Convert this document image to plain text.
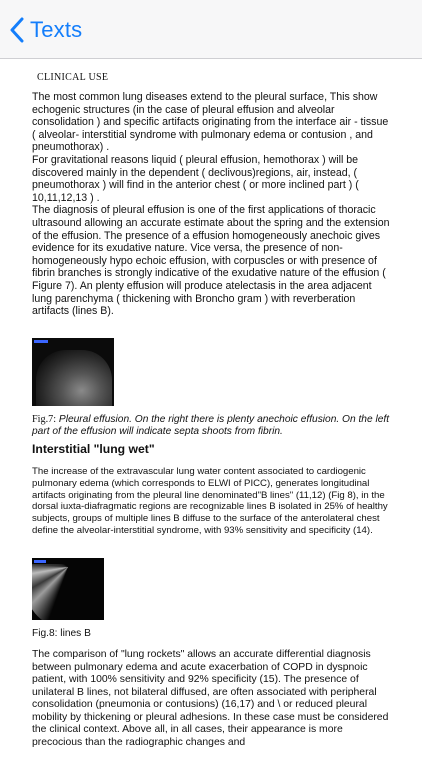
Texts
CLINICAL USE

The most common lung diseases extend to the pleural surface, This show echogenic structures (in the case of pleural effusion and alveolar consolidation ) and specific artifacts originating from the interface air - tissue ( alveolar- interstitial syndrome with pulmonary edema or contusion , and pneumothorax) .

For gravitational reasons liquid ( pleural effusion, hemothorax ) will be discovered mainly in the dependent ( declivous)regions, air, instead, ( pneumothorax ) will find in the anterior chest ( or more inclined part ) ( 10,11,12,13 ) .

The diagnosis of pleural effusion is one of the first applications of thoracic ultrasound allowing an accurate estimate about the spring and the extension of the effusion. The presence of a effusion homogeneously anechoic gives evidence for its exudative nature. Vice versa, the presence of non- homogeneously hypo echoic effusion, with corpuscles or with presence of fibrin branches is strongly indicative of the exudative nature of the effusion ( Figure 7). An plenty effusion will produce atelectasis in the area adjacent lung parenchyma ( thickening with Broncho gram ) with reverberation artifacts (lines B).

Fig.7: Pleural effusion. On the right there is plenty anechoic effusion. On the left part of the effusion will indicate septa shoots from fibrin.
Interstitial "lung wet"

The increase of the extravascular lung water content associated to cardiogenic pulmonary edema (which corresponds to ELWI of PICC), generates longitudinal artifacts originating from the pleural line denominated"B lines" (11,12) (Fig 8), in the dorsal iuxta-diafragmatic regions are recognizable lines B isolated in 25% of healthy subjects, groups of multiple lines B diffuse to the surface of the anterolateral chest define the alveolar-interstitial syndrome, with 93% sensitivity and specificity (14).

Fig.8: lines B

The comparison of "lung rockets" allows an accurate differential diagnosis between pulmonary edema and acute exacerbation of COPD in dyspnoic patient, with 100% sensitivity and 92% specificity (15). The presence of unilateral B lines, not bilateral diffused, are often associated with peripheral consolidation (pneumonia or contusions) (16,17) and \ or reduced pleural mobility by thickening or pleural adhesions. In these case must be considered the clinical context. Above all, in all cases, their appearance is more precocious than the radiographic changes and
